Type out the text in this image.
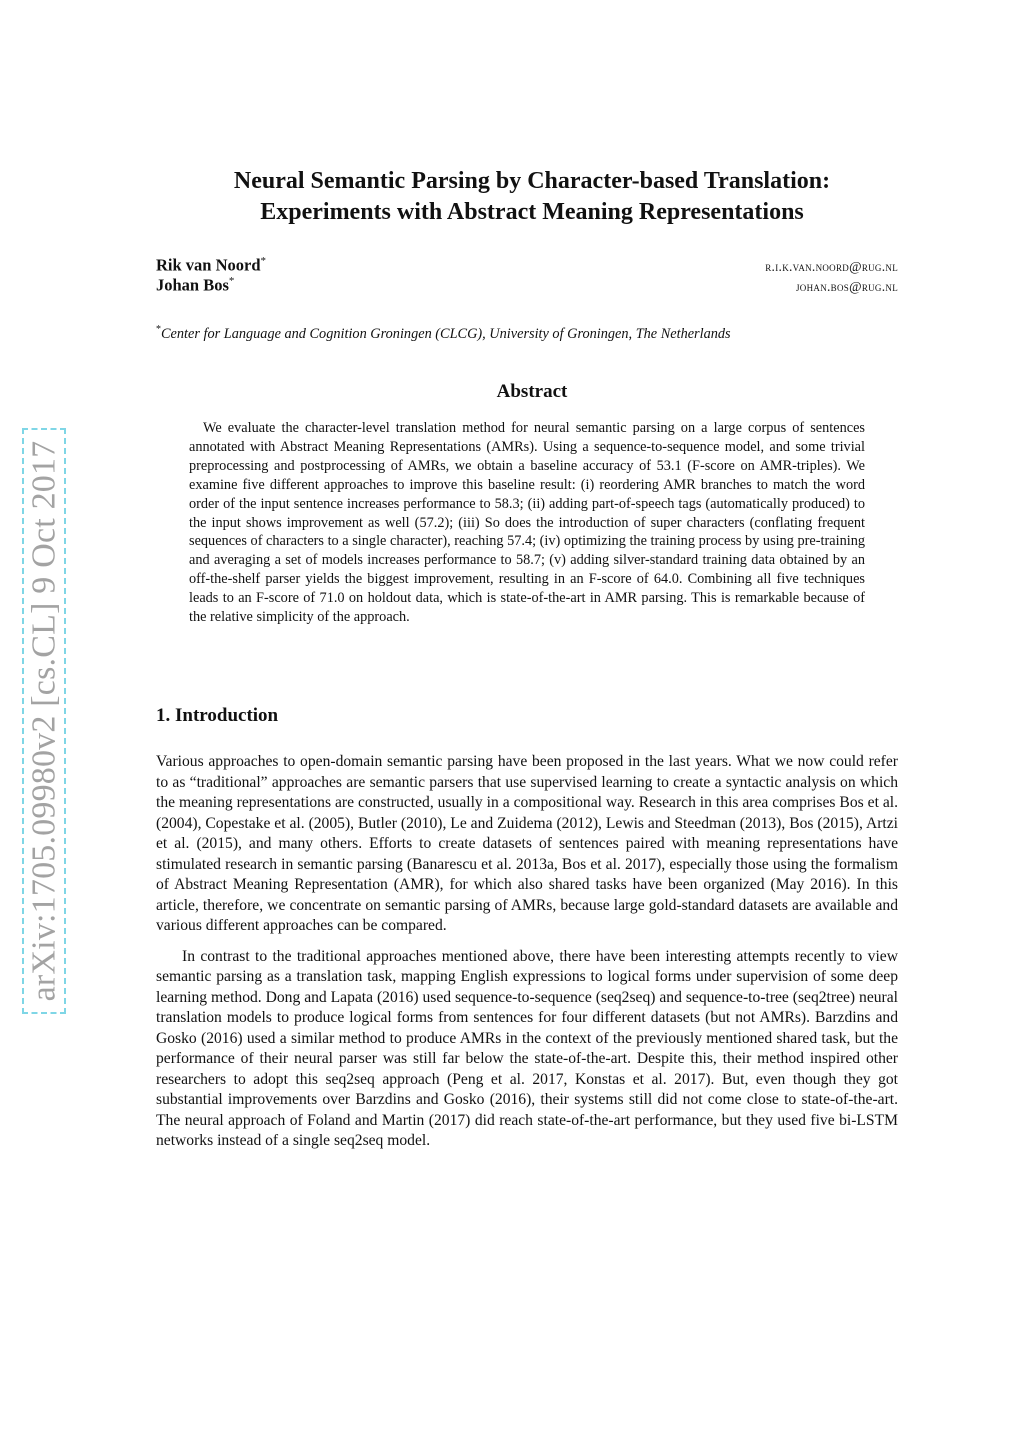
arXiv:1705.09980v2 [cs.CL] 9 Oct 2017
Neural Semantic Parsing by Character-based Translation:
Experiments with Abstract Meaning Representations
Rik van Noord*	r.i.k.van.noord@rug.nl
Johan Bos*	johan.bos@rug.nl
*Center for Language and Cognition Groningen (CLCG), University of Groningen, The Netherlands
Abstract
We evaluate the character-level translation method for neural semantic parsing on a large corpus of sentences annotated with Abstract Meaning Representations (AMRs). Using a sequence-to-sequence model, and some trivial preprocessing and postprocessing of AMRs, we obtain a baseline accuracy of 53.1 (F-score on AMR-triples). We examine five different approaches to improve this baseline result: (i) reordering AMR branches to match the word order of the input sentence increases performance to 58.3; (ii) adding part-of-speech tags (automatically produced) to the input shows improvement as well (57.2); (iii) So does the introduction of super characters (conflating frequent sequences of characters to a single character), reaching 57.4; (iv) optimizing the training process by using pre-training and averaging a set of models increases performance to 58.7; (v) adding silver-standard training data obtained by an off-the-shelf parser yields the biggest improvement, resulting in an F-score of 64.0. Combining all five techniques leads to an F-score of 71.0 on holdout data, which is state-of-the-art in AMR parsing. This is remarkable because of the relative simplicity of the approach.
1. Introduction

Various approaches to open-domain semantic parsing have been proposed in the last years. What we now could refer to as “traditional” approaches are semantic parsers that use supervised learning to create a syntactic analysis on which the meaning representations are constructed, usually in a compositional way. Research in this area comprises Bos et al. (2004), Copestake et al. (2005), Butler (2010), Le and Zuidema (2012), Lewis and Steedman (2013), Bos (2015), Artzi et al. (2015), and many others. Efforts to create datasets of sentences paired with meaning representations have stimulated research in semantic parsing (Banarescu et al. 2013a, Bos et al. 2017), especially those using the formalism of Abstract Meaning Representation (AMR), for which also shared tasks have been organized (May 2016). In this article, therefore, we concentrate on semantic parsing of AMRs, because large gold-standard datasets are available and various different approaches can be compared.

In contrast to the traditional approaches mentioned above, there have been interesting attempts recently to view semantic parsing as a translation task, mapping English expressions to logical forms under supervision of some deep learning method. Dong and Lapata (2016) used sequence-to-sequence (seq2seq) and sequence-to-tree (seq2tree) neural translation models to produce logical forms from sentences for four different datasets (but not AMRs). Barzdins and Gosko (2016) used a similar method to produce AMRs in the context of the previously mentioned shared task, but the performance of their neural parser was still far below the state-of-the-art. Despite this, their method inspired other researchers to adopt this seq2seq approach (Peng et al. 2017, Konstas et al. 2017). But, even though they got substantial improvements over Barzdins and Gosko (2016), their systems still did not come close to state-of-the-art. The neural approach of Foland and Martin (2017) did reach state-of-the-art performance, but they used five bi-LSTM networks instead of a single seq2seq model.
